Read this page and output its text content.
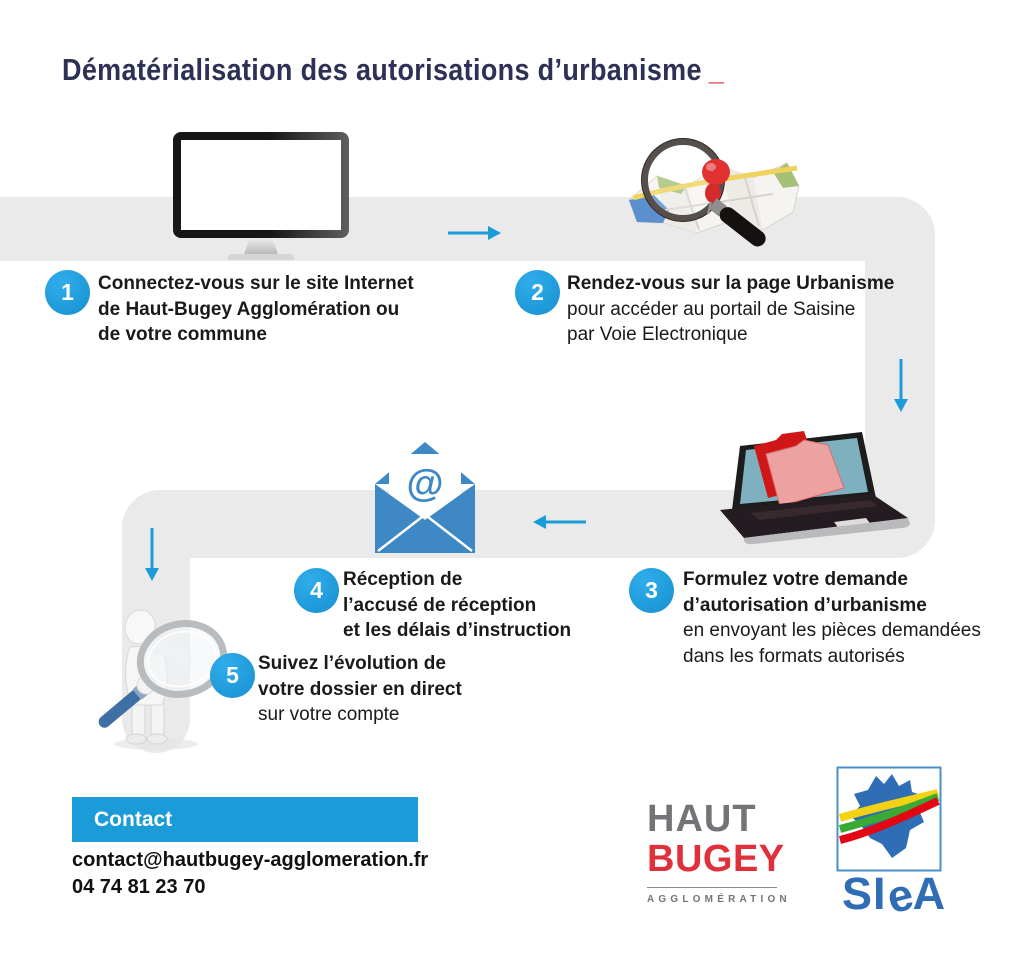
Dématérialisation des autorisations d’urbanisme _
@
1	2
3
4
5
Connectez-vous sur le site Internet
de Haut-Bugey Agglomération ou
de votre commune
Rendez-vous sur la page Urbanisme
pour accéder au portail de Saisine
par Voie Electronique
Formulez votre demande
d’autorisation d’urbanisme
en envoyant les pièces demandées
dans les formats autorisés
Réception de
l’accusé de réception
et les délais d’instruction
Suivez l’évolution de
votre dossier en direct
sur votre compte
Contact
contact@hautbugey-agglomeration.fr
04 74 81 23 70
HAUT
BUGEY
AGGLOMÉRATION SIeA
